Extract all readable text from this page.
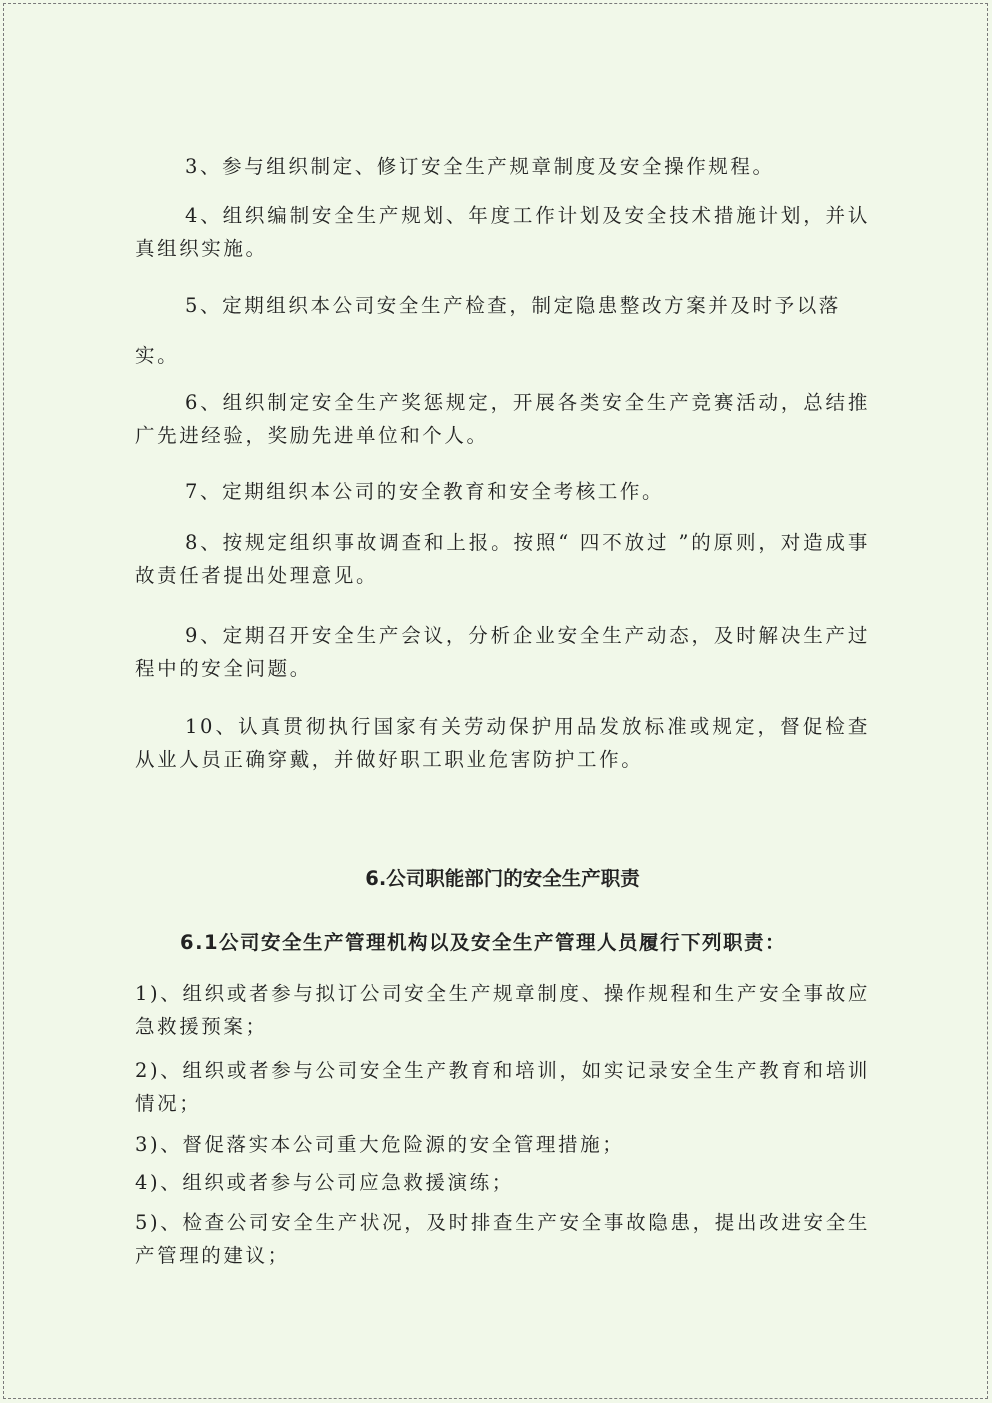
3、参与组织制定、修订安全生产规章制度及安全操作规程。

4、组织编制安全生产规划、年度工作计划及安全技术措施计划，并认真组织实施。

5、定期组织本公司安全生产检查，制定隐患整改方案并及时予以落

实。

6、组织制定安全生产奖惩规定，开展各类安全生产竞赛活动，总结推广先进经验，奖励先进单位和个人。

7、定期组织本公司的安全教育和安全考核工作。

8、按规定组织事故调查和上报。按照“ 四不放过 ”的原则，对造成事故责任者提出处理意见。

9、定期召开安全生产会议，分析企业安全生产动态，及时解决生产过程中的安全问题。

10、认真贯彻执行国家有关劳动保护用品发放标准或规定，督促检查从业人员正确穿戴，并做好职工职业危害防护工作。

6.公司职能部门的安全生产职责
6.1公司安全生产管理机构以及安全生产管理人员履行下列职责：

1)、组织或者参与拟订公司安全生产规章制度、操作规程和生产安全事故应急救援预案；

2)、组织或者参与公司安全生产教育和培训，如实记录安全生产教育和培训情况；

3)、督促落实本公司重大危险源的安全管理措施；

4)、组织或者参与公司应急救援演练；

5)、检查公司安全生产状况，及时排查生产安全事故隐患，提出改进安全生产管理的建议；
